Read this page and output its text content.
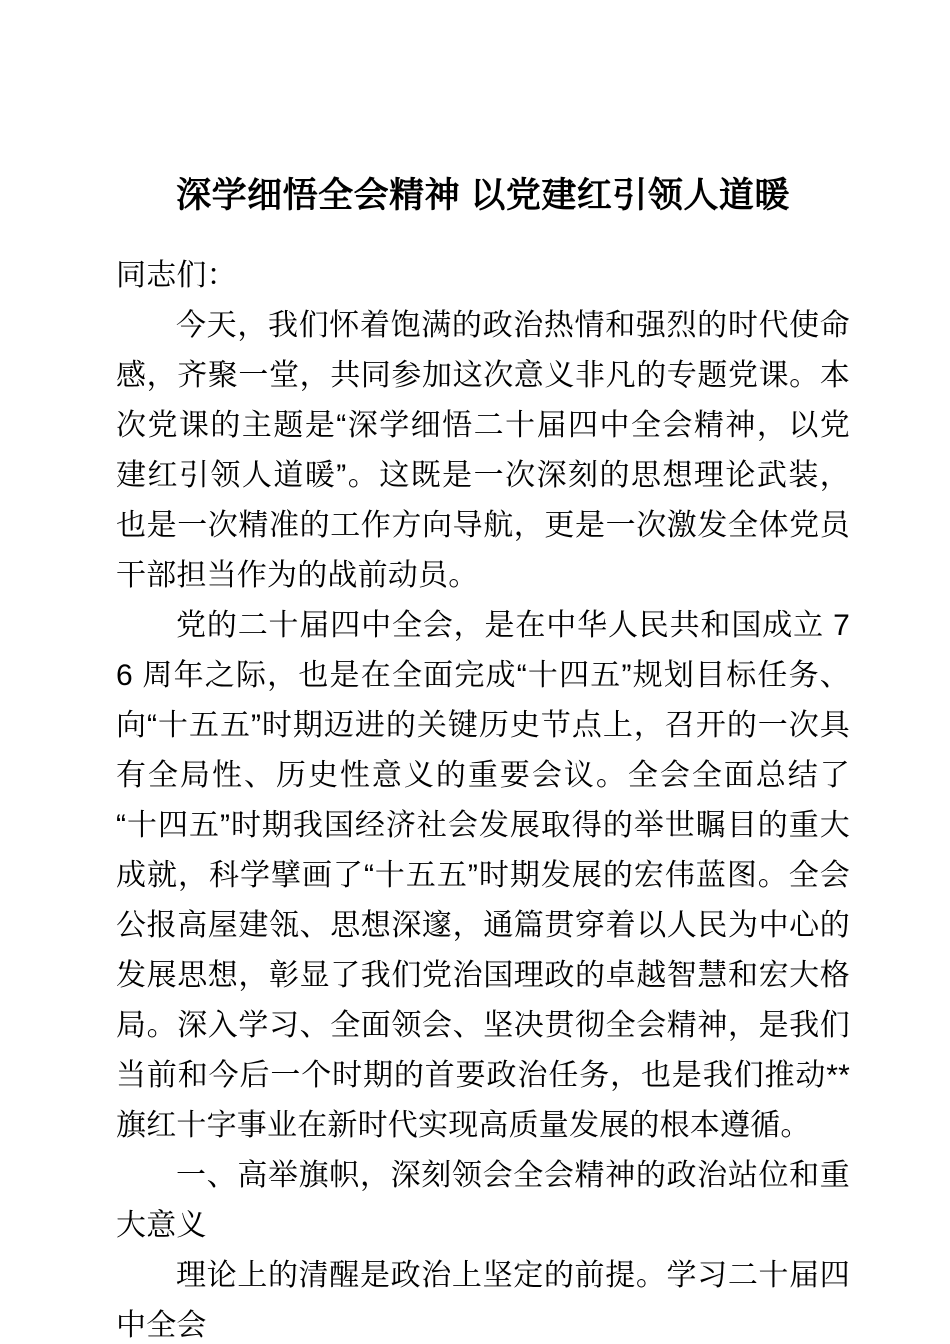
深学细悟全会精神 以党建红引领人道暖

同志们：

今天，我们怀着饱满的政治热情和强烈的时代使命感，齐聚一堂，共同参加这次意义非凡的专题党课。本次党课的主题是“深学细悟二十届四中全会精神，以党建红引领人道暖”。这既是一次深刻的思想理论武装，也是一次精准的工作方向导航，更是一次激发全体党员干部担当作为的战前动员。

党的二十届四中全会，是在中华人民共和国成立 76 周年之际，也是在全面完成“十四五”规划目标任务、向“十五五”时期迈进的关键历史节点上，召开的一次具有全局性、历史性意义的重要会议。全会全面总结了“十四五”时期我国经济社会发展取得的举世瞩目的重大成就，科学擘画了“十五五”时期发展的宏伟蓝图。全会公报高屋建瓴、思想深邃，通篇贯穿着以人民为中心的发展思想，彰显了我们党治国理政的卓越智慧和宏大格局。深入学习、全面领会、坚决贯彻全会精神，是我们当前和今后一个时期的首要政治任务，也是我们推动**旗红十字事业在新时代实现高质量发展的根本遵循。

一、高举旗帜，深刻领会全会精神的政治站位和重大意义

理论上的清醒是政治上坚定的前提。学习二十届四中全会
